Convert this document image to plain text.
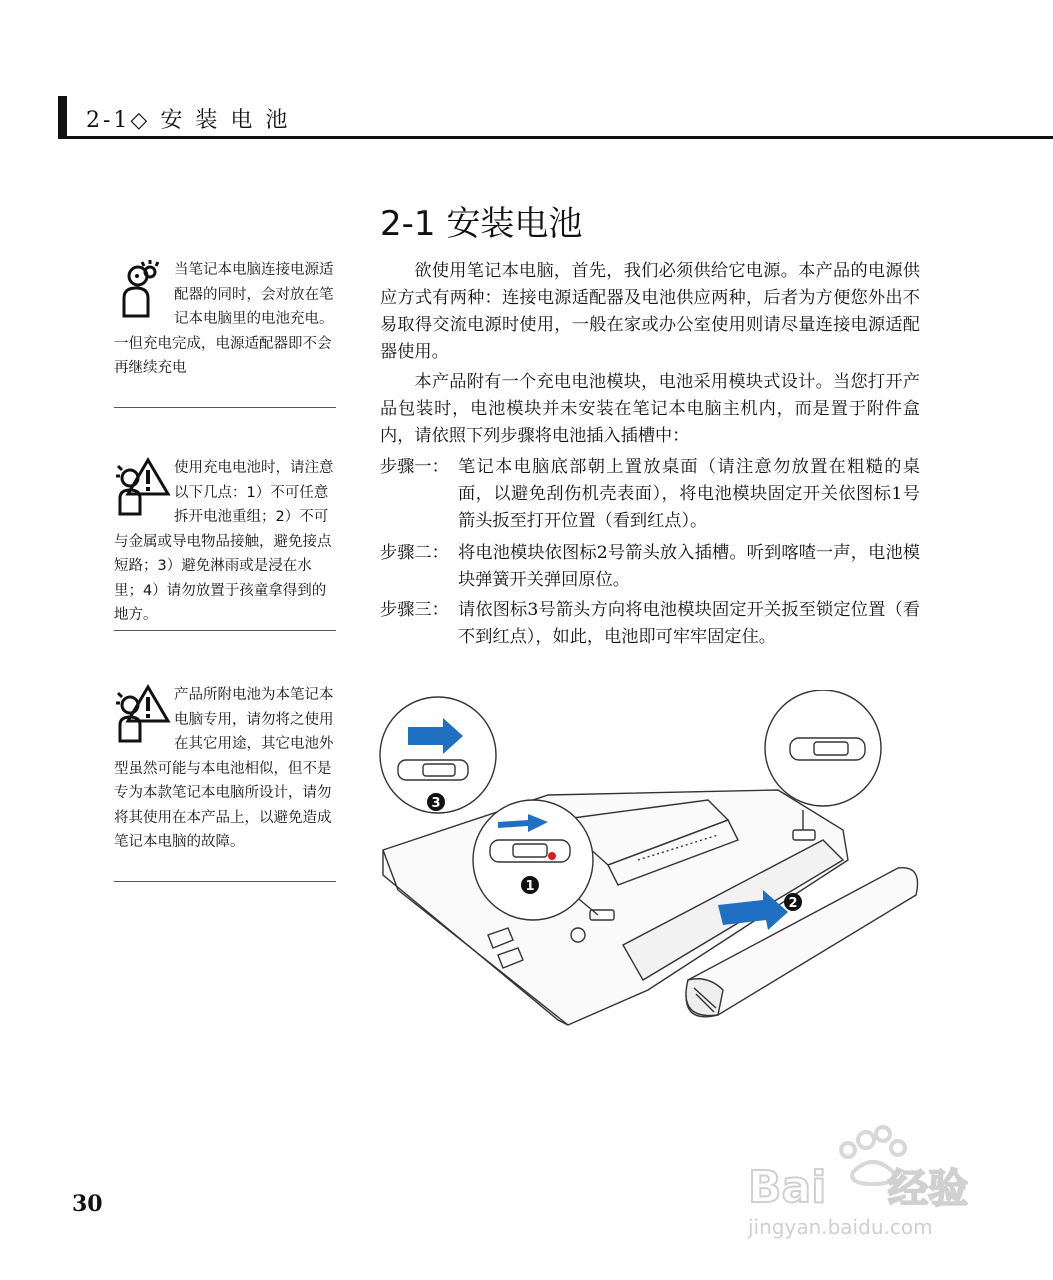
2-1◇ 安 装 电 池
2-1 安装电池

欲使用笔记本电脑，首先，我们必须供给它电源。本产品的电源供应方式有两种：连接电源适配器及电池供应两种，后者为方便您外出不易取得交流电源时使用，一般在家或办公室使用则请尽量连接电源适配器使用。

本产品附有一个充电电池模块，电池采用模块式设计。当您打开产品包装时，电池模块并未安装在笔记本电脑主机内，而是置于附件盒内，请依照下列步骤将电池插入插槽中：

步骤一： 笔记本电脑底部朝上置放桌面（请注意勿放置在粗糙的桌面，以避免刮伤机壳表面），将电池模块固定开关依图标1号箭头扳至打开位置（看到红点）。
步骤二： 将电池模块依图标2号箭头放入插槽。听到喀喳一声，电池模块弹簧开关弹回原位。
步骤三： 请依图标3号箭头方向将电池模块固定开关扳至锁定位置（看不到红点），如此，电池即可牢牢固定住。
当笔记本电脑连接电源适配器的同时，会对放在笔记本电脑里的电池充电。一但充电完成，电源适配器即不会再继续充电
使用充电电池时，请注意以下几点：1）不可任意拆开电池重组；2）不可与金属或导电物品接触，避免接点短路；3）避免淋雨或是浸在水里；4）请勿放置于孩童拿得到的地方。
产品所附电池为本笔记本电脑专用，请勿将之使用在其它用途，其它电池外型虽然可能与本电池相似，但不是专为本款笔记本电脑所设计，请勿将其使用在本产品上，以避免造成笔记本电脑的故障。
2
3
1
30	Bai 经验
jingyan.baidu.com
